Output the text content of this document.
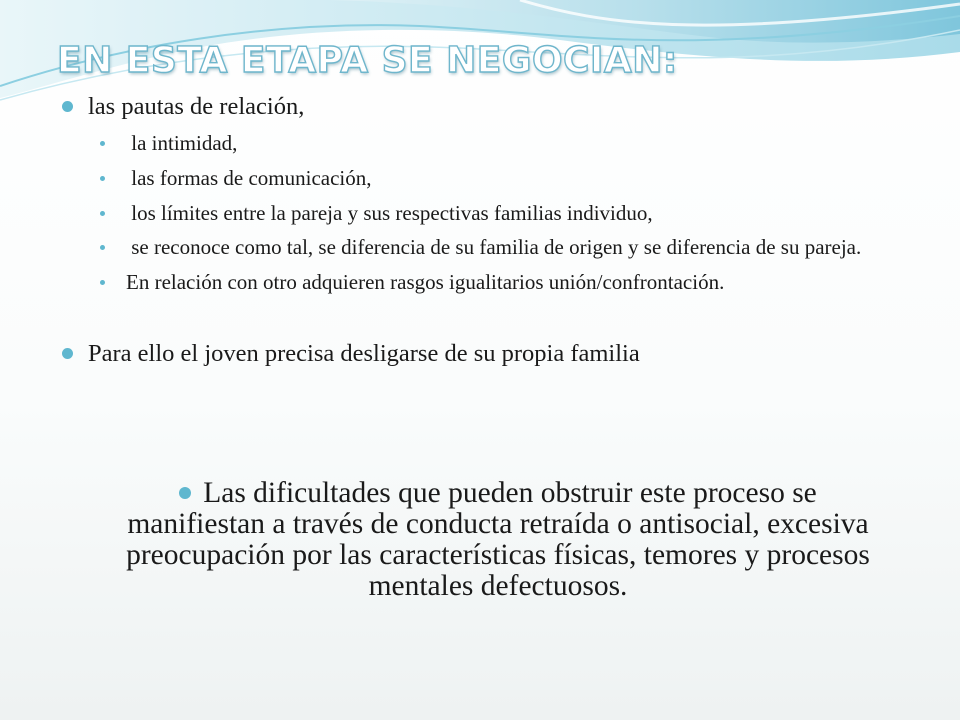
EN ESTA ETAPA SE NEGOCIAN:
las pautas de relación,
la intimidad,
las formas de comunicación,
los límites entre la pareja y sus respectivas familias individuo,
se reconoce como tal, se diferencia de su familia de origen y se diferencia de su pareja.
En relación con otro adquieren rasgos igualitarios unión/confrontación.
Para ello el joven precisa desligarse de su propia familia
Las dificultades que pueden obstruir este proceso se manifiestan a través de conducta retraída o antisocial, excesiva preocupación por las características físicas, temores y procesos mentales defectuosos.
